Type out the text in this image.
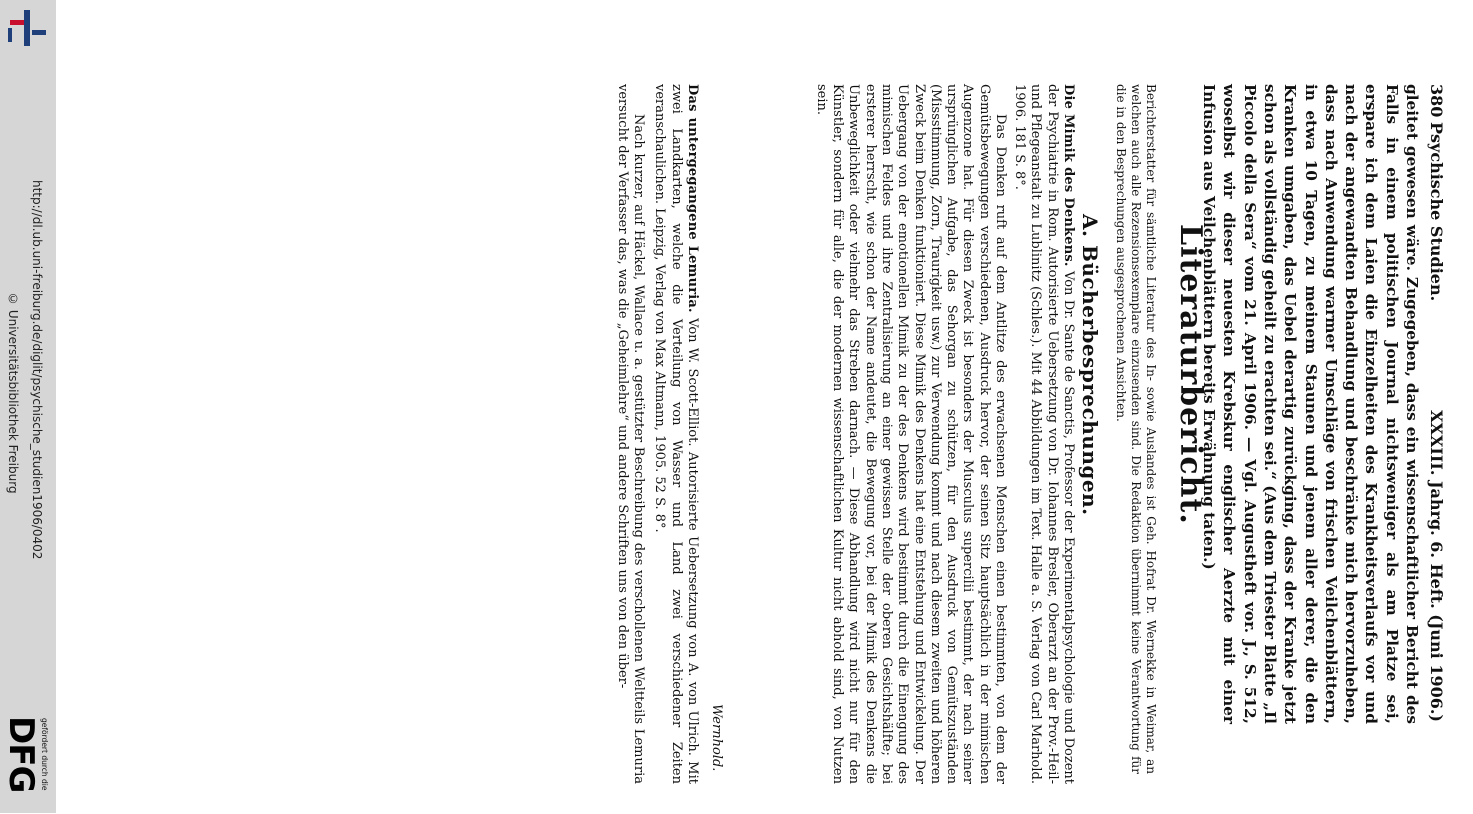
http://dl.ub.uni-freiburg.de/diglit/psychische_studien1906/0402
© Universitätsbibliothek Freiburg
gefördert durch die
DFG
380
Psychische Studien.
XXXIII. Jahrg. 6. Heft. (Juni 1906.)

gleitet gewesen wäre. Zugegeben, dass ein wissenschaftlicher Bericht des Falls in einem politischen Journal nichtsweniger als am Platze sei, erspare ich dem Laien die Einzelheiten des Krankheitsverlaufs vor und nach der angewandten Behandlung und beschränke mich hervorzuheben, dass nach Anwendung warmer Umschläge von frischen Veilchenblättern, in etwa 10 Tagen, zu meinem Staunen und jenem aller derer, die den Kranken umgaben, das Uebel derartig zurückging, dass der Kranke jetzt schon als vollständig geheilt zu erachten sei.“ (Aus dem Triester Blatte „Il Piccolo della Sera“ vom 21. April 1906. — Vgl. Augustheft vor. J., S. 512, woselbst wir dieser neuesten Krebskur englischer Aerzte mit einer Infusion aus Veilchenblättern bereits Erwähnung taten.)

Literaturbericht.

Berichterstatter für sämtliche Literatur des In- sowie Auslandes ist Geh. Hofrat Dr. Wernekke in Weimar, an welchen auch alle Rezensionsexemplare einzusenden sind. Die Redaktion übernimmt keine Verantwortung für die in den Besprechungen ausgesprochenen Ansichten.

A. Bücherbesprechungen.

Die Mimik des Denkens. Von Dr. Sante de Sanctis, Professor der Experimentalpsychologie und Dozent der Psychiatrie in Rom. Autorisierte Uebersetzung von Dr. Iohannes Bresler, Oberarzt an der Prov.-Heil- und Pflegeanstalt zu Lublinitz (Schles.). Mit 44 Abbildungen im Text. Halle a. S. Verlag von Carl Marhold. 1906. 181 S. 8°.

Das Denken ruft auf dem Antlitze des erwachsenen Menschen einen bestimmten, von dem der Gemütsbewegungen verschiedenen, Ausdruck hervor, der seinen Sitz hauptsächlich in der mimischen Augenzone hat. Für diesen Zweck ist besonders der Musculus supercilii bestimmt, der nach seiner ursprünglichen Aufgabe, das Sehorgan zu schützen, für den Ausdruck von Gemütszuständen (Missstimmung, Zorn, Traurigkeit usw.) zur Verwendung kommt und nach diesem zweiten und höheren Zweck beim Denken funktioniert. Diese Mimik des Denkens hat eine Entstehung und Entwickelung. Der Uebergang von der emotionellen Mimik zu der des Denkens wird bestimmt durch die Einengung des mimischen Feldes und ihre Zentralisierung an einer gewissen Stelle der oberen Gesichtshälfte; bei ersterer herrscht, wie schon der Name andeutet, die Bewegung vor, bei der Mimik des Denkens die Unbeweglichkeit oder vielmehr das Streben darnach. — Diese Abhandlung wird nicht nur für den Künstler, sondern für alle, die der modernen wissenschaftlichen Kultur nicht abhold sind, von Nutzen sein.

Wernhold.

Das untergegangene Lemuria. Von W. Scott-Elliot. Autorisierte Uebersetzung von A. von Ulrich. Mit zwei Landkarten, welche die Verteilung von Wasser und Land zwei verschiedener Zeiten veranschaulichen. Leipzig, Verlag von Max Altmann, 1905. 52 S. 8°.

Nach kurzer, auf Häckel, Wallace u. a. gestützter Beschreibung des verschollenen Weltteils Lemuria versucht der Verfasser das, was die „Geheimlehre“ und andere Schriften uns von den über-
